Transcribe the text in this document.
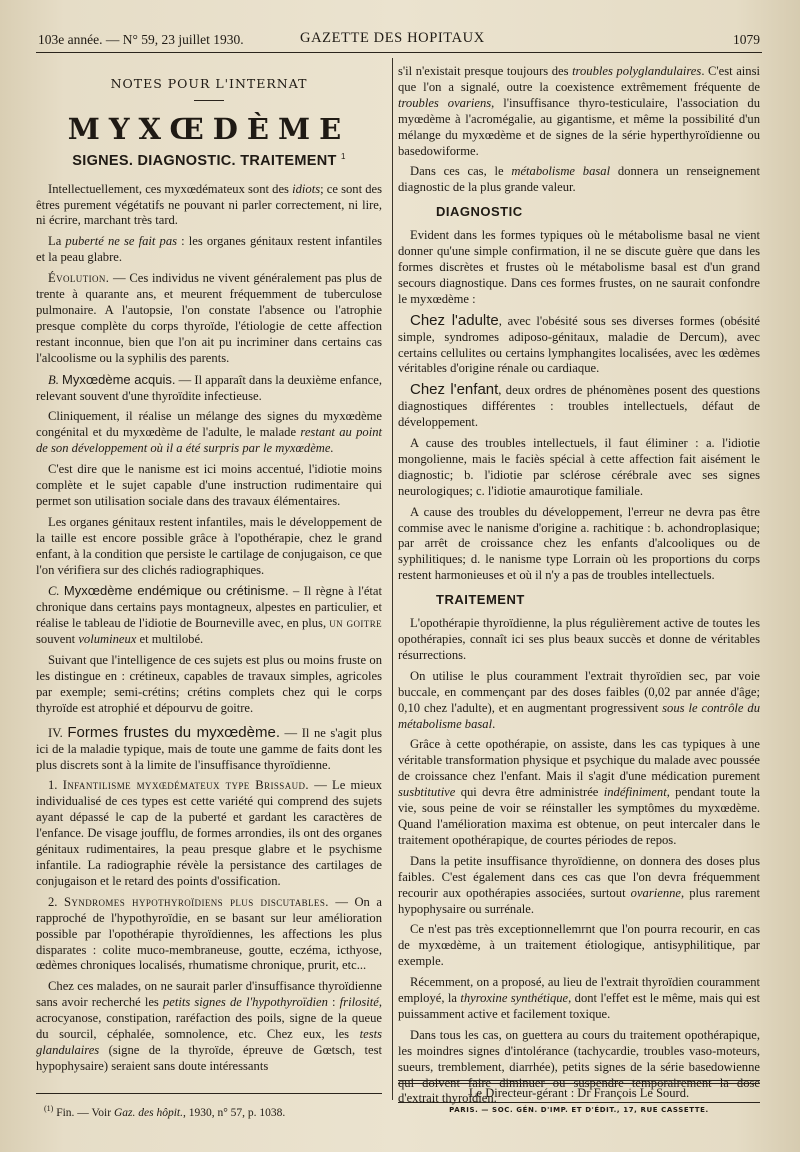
103e année. — N° 59, 23 juillet 1930.	GAZETTE DES HOPITAUX	1079
NOTES POUR L'INTERNAT
MYXŒDÈME
SIGNES. DIAGNOSTIC. TRAITEMENT $^1$

Intellectuellement, ces myxœdémateux sont des idiots; ce sont des êtres purement végétatifs ne pouvant ni parler correctement, ni lire, ni écrire, marchant très tard.

La puberté ne se fait pas : les organes génitaux restent infantiles et la peau glabre.

Évolution. — Ces individus ne vivent généralement pas plus de trente à quarante ans, et meurent fréquemment de tuberculose pulmonaire. A l'autopsie, l'on constate l'absence ou l'atrophie presque complète du corps thyroïde, l'étiologie de cette affection restant inconnue, bien que l'on ait pu incriminer dans certains cas l'alcoolisme ou la syphilis des parents.

B. Myxœdème acquis. — Il apparaît dans la deuxième enfance, relevant souvent d'une thyroïdite infectieuse.

Cliniquement, il réalise un mélange des signes du myxœdème congénital et du myxœdème de l'adulte, le malade restant au point de son développement où il a été surpris par le myxœdème.

C'est dire que le nanisme est ici moins accentué, l'idiotie moins complète et le sujet capable d'une instruction rudimentaire qui permet son utilisation sociale dans des travaux élémentaires.

Les organes génitaux restent infantiles, mais le développement de la taille est encore possible grâce à l'opothérapie, chez le grand enfant, à la condition que persiste le cartilage de conjugaison, ce que l'on vérifiera sur des clichés radiographiques.

C. Myxœdème endémique ou crétinisme. – Il règne à l'état chronique dans certains pays montagneux, alpestes en particulier, et réalise le tableau de l'idiotie de Bourneville avec, en plus, un goitre souvent volumineux et multilobé.

Suivant que l'intelligence de ces sujets est plus ou moins fruste on les distingue en : crétineux, capables de travaux simples, agricoles par exemple; semi-crétins; crétins complets chez qui le corps thyroïde est atrophié et dépourvu de goitre.

IV. Formes frustes du myxœdème. — Il ne s'agit plus ici de la maladie typique, mais de toute une gamme de faits dont les plus discrets sont à la limite de l'insuffisance thyroïdienne.

1. Infantilisme myxœdémateux type Brissaud. — Le mieux individualisé de ces types est cette variété qui comprend des sujets ayant dépassé le cap de la puberté et gardant les caractères de l'enfance. De visage joufflu, de formes arrondies, ils ont des organes génitaux rudimentaires, la peau presque glabre et le psychisme infantile. La radiographie révèle la persistance des cartilages de conjugaison et le retard des points d'ossification.

2. Syndromes hypothyroïdiens plus discutables. — On a rapproché de l'hypothyroïdie, en se basant sur leur amélioration possible par l'opothérapie thyroïdiennes, les affections les plus disparates : colite muco-membraneuse, goutte, eczéma, icthyose, œdèmes chroniques localisés, rhumatisme chronique, prurit, etc...

Chez ces malades, on ne saurait parler d'insuffisance thyroïdienne sans avoir recherché les petits signes de l'hypothyroïdien : frilosité, acrocyanose, constipation, raréfaction des poils, signe de la queue du sourcil, céphalée, somnolence, etc. Chez eux, les tests glandulaires (signe de la thyroïde, épreuve de Gœtsch, test hypophysaire) seraient sans doute intéressants

$^{(1)}$ Fin. — Voir Gaz. des hôpit., 1930, n° 57, p. 1038.

s'il n'existait presque toujours des troubles polyglandulaires. C'est ainsi que l'on a signalé, outre la coexistence extrêmement fréquente de troubles ovariens, l'insuffisance thyro-testiculaire, l'association du myœdème à l'acromégalie, au gigantisme, et même la possibilité d'un mélange du myxœdème et de signes de la série hyperthyroïdienne ou basedowiforme.

Dans ces cas, le métabolisme basal donnera un renseignement diagnostic de la plus grande valeur.

DIAGNOSTIC

Evident dans les formes typiques où le métabolisme basal ne vient donner qu'une simple confirmation, il ne se discute guère que dans les formes discrètes et frustes où le métabolisme basal est d'un grand secours diagnostique. Dans ces formes frustes, on ne saurait confondre le myxœdème :

Chez l'adulte, avec l'obésité sous ses diverses formes (obésité simple, syndromes adiposo-génitaux, maladie de Dercum), avec certains cellulites ou certains lymphangites localisées, avec les œdèmes véritables d'origine rénale ou cardiaque.

Chez l'enfant, deux ordres de phénomènes posent des questions diagnostiques différentes : troubles intellectuels, défaut de développement.

A cause des troubles intellectuels, il faut éliminer : a. l'idiotie mongolienne, mais le faciès spécial à cette affection fait aisément le diagnostic; b. l'idiotie par sclérose cérébrale avec ses signes neurologiques; c. l'idiotie amaurotique familiale.

A cause des troubles du développement, l'erreur ne devra pas être commise avec le nanisme d'origine a. rachitique : b. achondroplasique; par arrêt de croissance chez les enfants d'alcooliques ou de syphilitiques; d. le nanisme type Lorrain où les proportions du corps restent harmonieuses et où il n'y a pas de troubles intellectuels.

TRAITEMENT

L'opothérapie thyroïdienne, la plus régulièrement active de toutes les opothérapies, connaît ici ses plus beaux succès et donne de véritables résurrections.

On utilise le plus couramment l'extrait thyroïdien sec, par voie buccale, en commençant par des doses faibles (0,02 par année d'âge; 0,10 chez l'adulte), et en augmentant progressivent sous le contrôle du métabolisme basal.

Grâce à cette opothérapie, on assiste, dans les cas typiques à une véritable transformation physique et psychique du malade avec poussée de croissance chez l'enfant. Mais il s'agit d'une médication purement susbtitutive qui devra être administrée indéfiniment, pendant toute la vie, sous peine de voir se réinstaller les symptômes du myxœdème. Quand l'amélioration maxima est obtenue, on peut intercaler dans le traitement opothérapique, de courtes périodes de repos.

Dans la petite insuffisance thyroïdienne, on donnera des doses plus faibles. C'est également dans ces cas que l'on devra fréquemment recourir aux opothérapies associées, surtout ovarienne, plus rarement hypophysaire ou surrénale.

Ce n'est pas très exceptionnellemrnt que l'on pourra recourir, en cas de myxœdème, à un traitement étiologique, antisyphilitique, par exemple.

Récemment, on a proposé, au lieu de l'extrait thyroïdien couramment employé, la thyroxine synthétique, dont l'effet est le même, mais qui est puissamment active et facilement toxique.

Dans tous les cas, on guettera au cours du traitement opothérapique, les moindres signes d'intolérance (tachycardie, troubles vaso-moteurs, sueurs, tremblement, diarrhée), petits signes de la série basedowienne qui doivent faire diminuer ou suspendre temporairement la dose d'extrait thyroïdien.

Le Directeur-gérant : Dr François Le Sourd.
PARIS. — SOC. GÉN. D'IMP. ET D'ÉDIT., 17, RUE CASSETTE.
